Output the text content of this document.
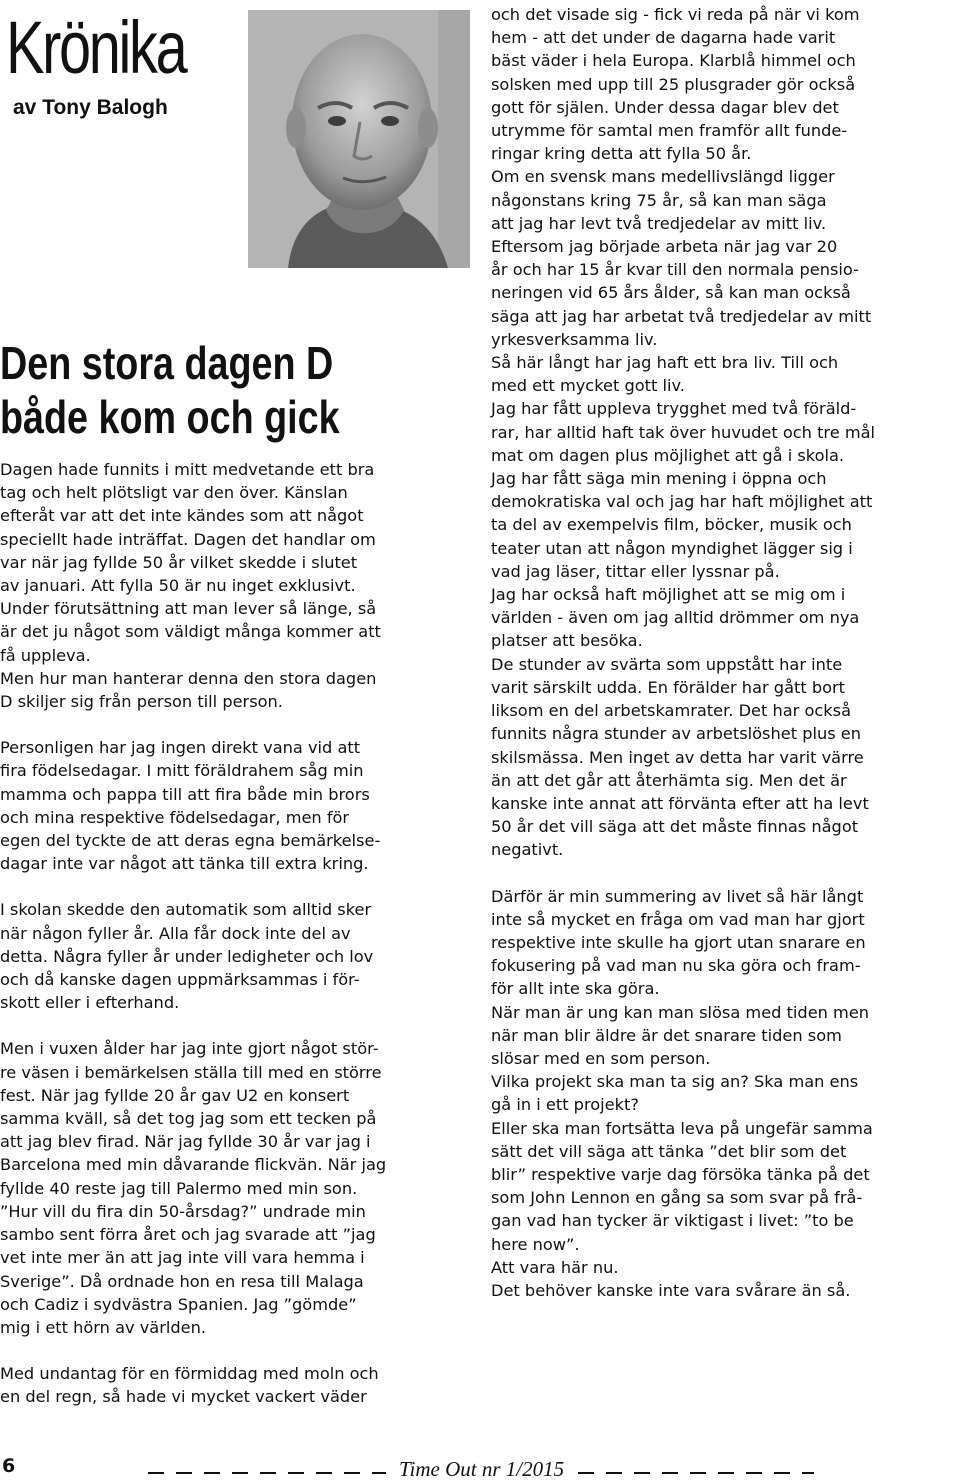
Krönika
av Tony Balogh
Den stora dagen D
både kom och gick

Dagen hade funnits i mitt medvetande ett bra

tag och helt plötsligt var den över. Känslan

efteråt var att det inte kändes som att något

speciellt hade inträffat. Dagen det handlar om

var när jag fyllde 50 år vilket skedde i slutet

av januari. Att fylla 50 är nu inget exklusivt.

Under förutsättning att man lever så länge, så

är det ju något som väldigt många kommer att

få uppleva.

Men hur man hanterar denna den stora dagen

D skiljer sig från person till person.

Personligen har jag ingen direkt vana vid att

fira födelsedagar. I mitt föräldrahem såg min

mamma och pappa till att fira både min brors

och mina respektive födelsedagar, men för

egen del tyckte de att deras egna bemärkelse-

dagar inte var något att tänka till extra kring.

I skolan skedde den automatik som alltid sker

när någon fyller år. Alla får dock inte del av

detta. Några fyller år under ledigheter och lov

och då kanske dagen uppmärksammas i för-

skott eller i efterhand.

Men i vuxen ålder har jag inte gjort något stör-

re väsen i bemärkelsen ställa till med en större

fest. När jag fyllde 20 år gav U2 en konsert

samma kväll, så det tog jag som ett tecken på

att jag blev firad. När jag fyllde 30 år var jag i

Barcelona med min dåvarande flickvän. När jag

fyllde 40 reste jag till Palermo med min son.

”Hur vill du fira din 50-årsdag?” undrade min

sambo sent förra året och jag svarade att ”jag

vet inte mer än att jag inte vill vara hemma i

Sverige”. Då ordnade hon en resa till Malaga

och Cadiz i sydvästra Spanien. Jag ”gömde”

mig i ett hörn av världen.

Med undantag för en förmiddag med moln och

en del regn, så hade vi mycket vackert väder

och det visade sig - fick vi reda på när vi kom

hem - att det under de dagarna hade varit

bäst väder i hela Europa. Klarblå himmel och

solsken med upp till 25 plusgrader gör också

gott för själen. Under dessa dagar blev det

utrymme för samtal men framför allt funde-

ringar kring detta att fylla 50 år.

Om en svensk mans medellivslängd ligger

någonstans kring 75 år, så kan man säga

att jag har levt två tredjedelar av mitt liv.

Eftersom jag började arbeta när jag var 20

år och har 15 år kvar till den normala pensio-

neringen vid 65 års ålder, så kan man också

säga att jag har arbetat två tredjedelar av mitt

yrkesverksamma liv.

Så här långt har jag haft ett bra liv. Till och

med ett mycket gott liv.

Jag har fått uppleva trygghet med två föräld-

rar, har alltid haft tak över huvudet och tre mål

mat om dagen plus möjlighet att gå i skola.

Jag har fått säga min mening i öppna och

demokratiska val och jag har haft möjlighet att

ta del av exempelvis film, böcker, musik och

teater utan att någon myndighet lägger sig i

vad jag läser, tittar eller lyssnar på.

Jag har också haft möjlighet att se mig om i

världen - även om jag alltid drömmer om nya

platser att besöka.

De stunder av svärta som uppstått har inte

varit särskilt udda. En förälder har gått bort

liksom en del arbetskamrater. Det har också

funnits några stunder av arbetslöshet plus en

skilsmässa. Men inget av detta har varit värre

än att det går att återhämta sig. Men det är

kanske inte annat att förvänta efter att ha levt

50 år det vill säga att det måste finnas något

negativt.

Därför är min summering av livet så här långt

inte så mycket en fråga om vad man har gjort

respektive inte skulle ha gjort utan snarare en

fokusering på vad man nu ska göra och fram-

för allt inte ska göra.

När man är ung kan man slösa med tiden men

när man blir äldre är det snarare tiden som

slösar med en som person.

Vilka projekt ska man ta sig an? Ska man ens

gå in i ett projekt?

Eller ska man fortsätta leva på ungefär samma

sätt det vill säga att tänka ”det blir som det

blir” respektive varje dag försöka tänka på det

som John Lennon en gång sa som svar på frå-

gan vad han tycker är viktigast i livet: ”to be

here now”.

Att vara här nu.

Det behöver kanske inte vara svårare än så.

6	Time Out nr 1/2015
